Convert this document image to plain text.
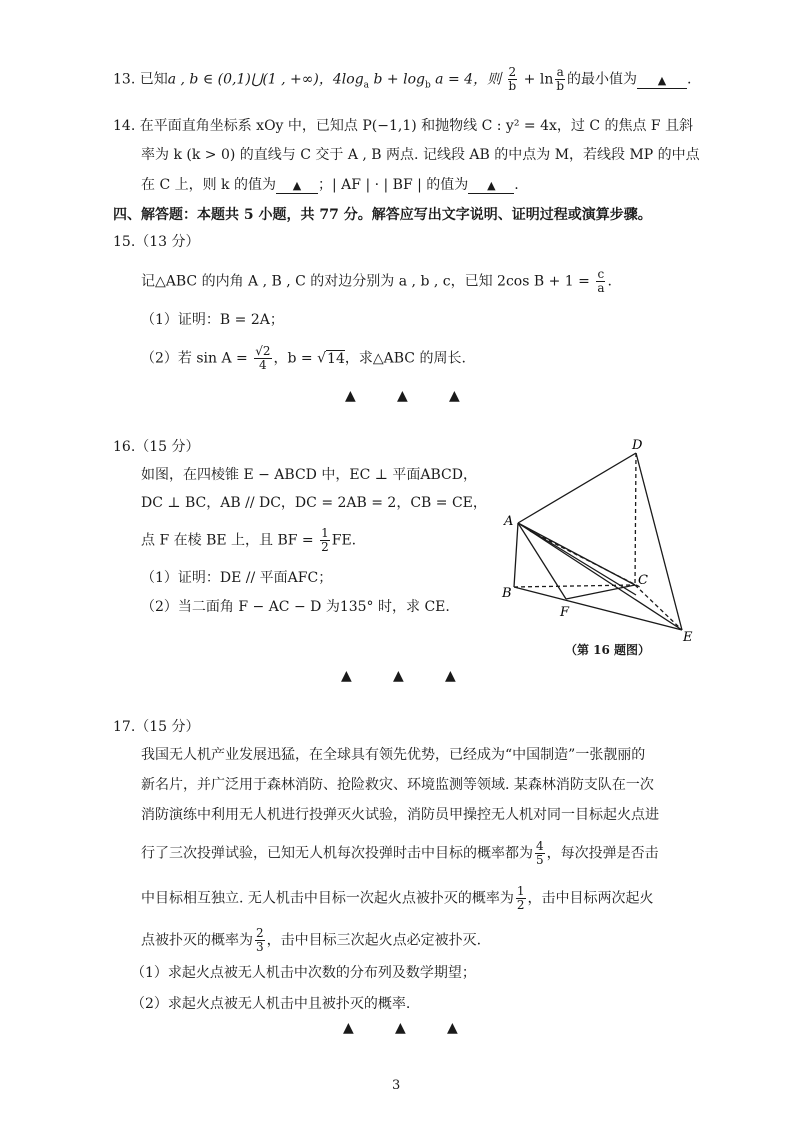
13. 已知a , b ∈ (0,1)⋃(1 , +∞)，$4\log_a$ $b + \log_b a = 4$，则 $\frac{2}{b} + \ln \frac{a}{b}$ 的最小值为 ▲ .
14. 在平面直角坐标系 xOy 中，已知点 P(−1,1) 和抛物线 C : y² = 4x，过 C 的焦点 F 且斜
率为 k (k > 0) 的直线与 C 交于 A , B 两点. 记线段 AB 的中点为 M，若线段 MP 的中点
在 C 上，则 k 的值为 ▲ ；| AF | · | BF | 的值为 ▲ .
四、解答题：本题共 5 小题，共 77 分。解答应写出文字说明、证明过程或演算步骤。
15.（13 分）
记△ABC 的内角 A , B , C 的对边分别为 a , b , c，已知 2cos $B + 1 = \frac{c}{a}$ .
（1）证明：B = 2A；
（2）若 $\sin A = \frac{√2}{4}$ ，b = √14，求△ABC 的周长.
▲	▲	▲
16.（15 分）
如图，在四棱锥 E − ABCD 中，EC ⊥ 平面ABCD，
DC ⊥ BC，AB // DC，DC = 2AB = 2，CB = CE，
点 F 在棱 BE 上，且 BF = $\frac{1}{2}$ FE.
（1）证明：DE // 平面AFC；
（2）当二面角 F − AC − D 为135° 时，求 CE.
D
A
C
B
F
E
（第 16 题图）
▲	▲	▲
17.（15 分）
我国无人机产业发展迅猛，在全球具有领先优势，已经成为“中国制造”一张靓丽的
新名片，并广泛用于森林消防、抢险救灾、环境监测等领域. 某森林消防支队在一次
消防演练中利用无人机进行投弹灭火试验，消防员甲操控无人机对同一目标起火点进
行了三次投弹试验，已知无人机每次投弹时击中目标的概率都为 $\frac{4}{5}$ ，每次投弹是否击
中目标相互独立. 无人机击中目标一次起火点被扑灭的概率为 $\frac{1}{2}$ ，击中目标两次起火
点被扑灭的概率为 $\frac{2}{3}$ ，击中目标三次起火点必定被扑灭.
（1）求起火点被无人机击中次数的分布列及数学期望；
（2）求起火点被无人机击中且被扑灭的概率.
▲	▲	▲
3
